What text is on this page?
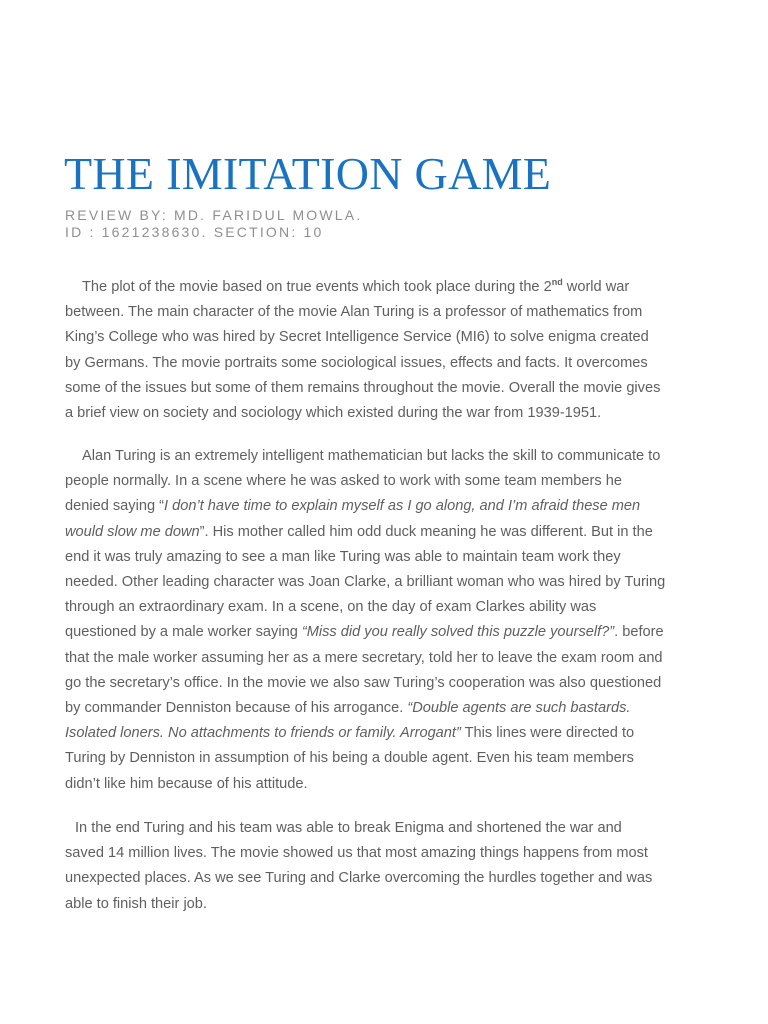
THE IMITATION GAME
REVIEW BY: MD. FARIDUL MOWLA.
ID : 1621238630. SECTION: 10

The plot of the movie based on true events which took place during the 2nd world war
between. The main character of the movie Alan Turing is a professor of mathematics from
King’s College who was hired by Secret Intelligence Service (MI6) to solve enigma created
by Germans. The movie portraits some sociological issues, effects and facts. It overcomes
some of the issues but some of them remains throughout the movie. Overall the movie gives
a brief view on society and sociology which existed during the war from 1939-1951.

Alan Turing is an extremely intelligent mathematician but lacks the skill to communicate to
people normally. In a scene where he was asked to work with some team members he
denied saying “I don’t have time to explain myself as I go along, and I’m afraid these men
would slow me down”. His mother called him odd duck meaning he was different. But in the
end it was truly amazing to see a man like Turing was able to maintain team work they
needed. Other leading character was Joan Clarke, a brilliant woman who was hired by Turing
through an extraordinary exam. In a scene, on the day of exam Clarkes ability was
questioned by a male worker saying “Miss did you really solved this puzzle yourself?”. before
that the male worker assuming her as a mere secretary, told her to leave the exam room and
go the secretary’s office. In the movie we also saw Turing’s cooperation was also questioned
by commander Denniston because of his arrogance. “Double agents are such bastards.
Isolated loners. No attachments to friends or family. Arrogant” This lines were directed to
Turing by Denniston in assumption of his being a double agent. Even his team members
didn’t like him because of his attitude.

In the end Turing and his team was able to break Enigma and shortened the war and
saved 14 million lives. The movie showed us that most amazing things happens from most
unexpected places. As we see Turing and Clarke overcoming the hurdles together and was
able to finish their job.
